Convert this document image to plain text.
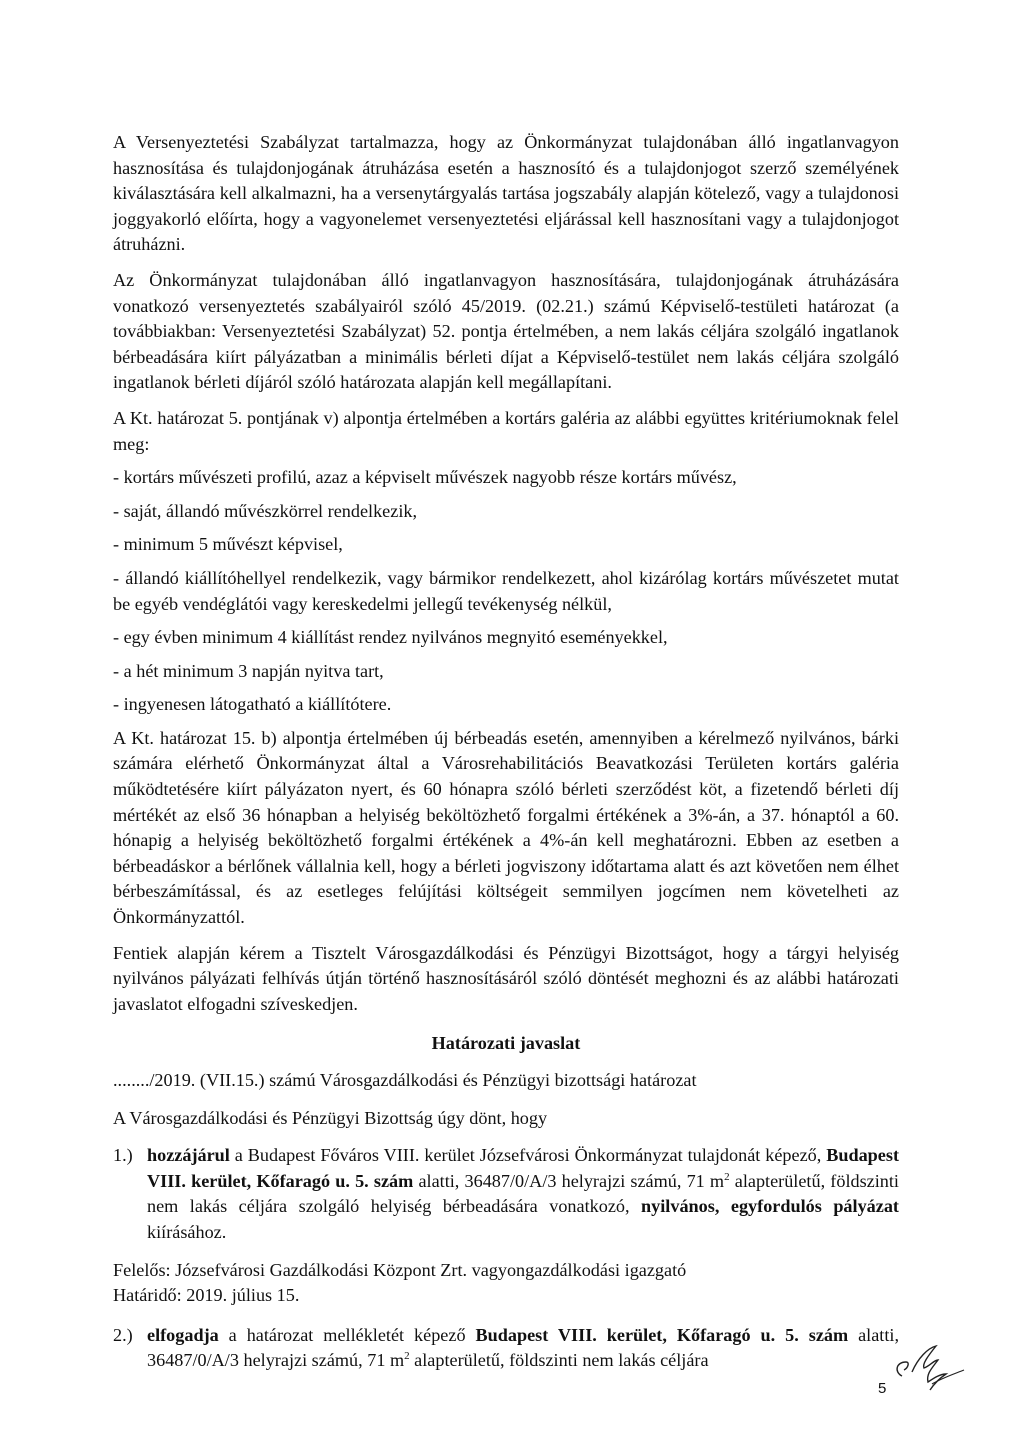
A Versenyeztetési Szabályzat tartalmazza, hogy az Önkormányzat tulajdonában álló ingatlanvagyon hasznosítása és tulajdonjogának átruházása esetén a hasznosító és a tulajdonjogot szerző személyének kiválasztására kell alkalmazni, ha a versenytárgyalás tartása jogszabály alapján kötelező, vagy a tulajdonosi joggyakorló előírta, hogy a vagyonelemet versenyeztetési eljárással kell hasznosítani vagy a tulajdonjogot átruházni.

Az Önkormányzat tulajdonában álló ingatlanvagyon hasznosítására, tulajdonjogának átruházására vonatkozó versenyeztetés szabályairól szóló 45/2019. (02.21.) számú Képviselő-testületi határozat (a továbbiakban: Versenyeztetési Szabályzat) 52. pontja értelmében, a nem lakás céljára szolgáló ingatlanok bérbeadására kiírt pályázatban a minimális bérleti díjat a Képviselő-testület nem lakás céljára szolgáló ingatlanok bérleti díjáról szóló határozata alapján kell megállapítani.

A Kt. határozat 5. pontjának v) alpontja értelmében a kortárs galéria az alábbi együttes kritériumoknak felel meg:

- kortárs művészeti profilú, azaz a képviselt művészek nagyobb része kortárs művész,

- saját, állandó művészkörrel rendelkezik,

- minimum 5 művészt képvisel,

- állandó kiállítóhellyel rendelkezik, vagy bármikor rendelkezett, ahol kizárólag kortárs művészetet mutat be egyéb vendéglátói vagy kereskedelmi jellegű tevékenység nélkül,

- egy évben minimum 4 kiállítást rendez nyilvános megnyitó eseményekkel,

- a hét minimum 3 napján nyitva tart,

- ingyenesen látogatható a kiállítótere.

A Kt. határozat 15. b) alpontja értelmében új bérbeadás esetén, amennyiben a kérelmező nyilvános, bárki számára elérhető Önkormányzat által a Városrehabilitációs Beavatkozási Területen kortárs galéria működtetésére kiírt pályázaton nyert, és 60 hónapra szóló bérleti szerződést köt, a fizetendő bérleti díj mértékét az első 36 hónapban a helyiség beköltözhető forgalmi értékének a 3%-án, a 37. hónaptól a 60. hónapig a helyiség beköltözhető forgalmi értékének a 4%-án kell meghatározni. Ebben az esetben a bérbeadáskor a bérlőnek vállalnia kell, hogy a bérleti jogviszony időtartama alatt és azt követően nem élhet bérbeszámítással, és az esetleges felújítási költségeit semmilyen jogcímen nem követelheti az Önkormányzattól.

Fentiek alapján kérem a Tisztelt Városgazdálkodási és Pénzügyi Bizottságot, hogy a tárgyi helyiség nyilvános pályázati felhívás útján történő hasznosításáról szóló döntését meghozni és az alábbi határozati javaslatot elfogadni szíveskedjen.

Határozati javaslat

......../2019. (VII.15.) számú Városgazdálkodási és Pénzügyi bizottsági határozat

A Városgazdálkodási és Pénzügyi Bizottság úgy dönt, hogy

1.) hozzájárul a Budapest Főváros VIII. kerület Józsefvárosi Önkormányzat tulajdonát képező, Budapest VIII. kerület, Kőfaragó u. 5. szám alatti, 36487/0/A/3 helyrajzi számú, 71 $m^2$ alapterületű, földszinti nem lakás céljára szolgáló helyiség bérbeadására vonatkozó, nyilvános, egyfordulós pályázat kiírásához.

Felelős: Józsefvárosi Gazdálkodási Központ Zrt. vagyongazdálkodási igazgató

Határidő: 2019. július 15.

2.) elfogadja a határozat mellékletét képező Budapest VIII. kerület, Kőfaragó u. 5. szám alatti, 36487/0/A/3 helyrajzi számú, 71 $m^2$ alapterületű, földszinti nem lakás céljára
5
